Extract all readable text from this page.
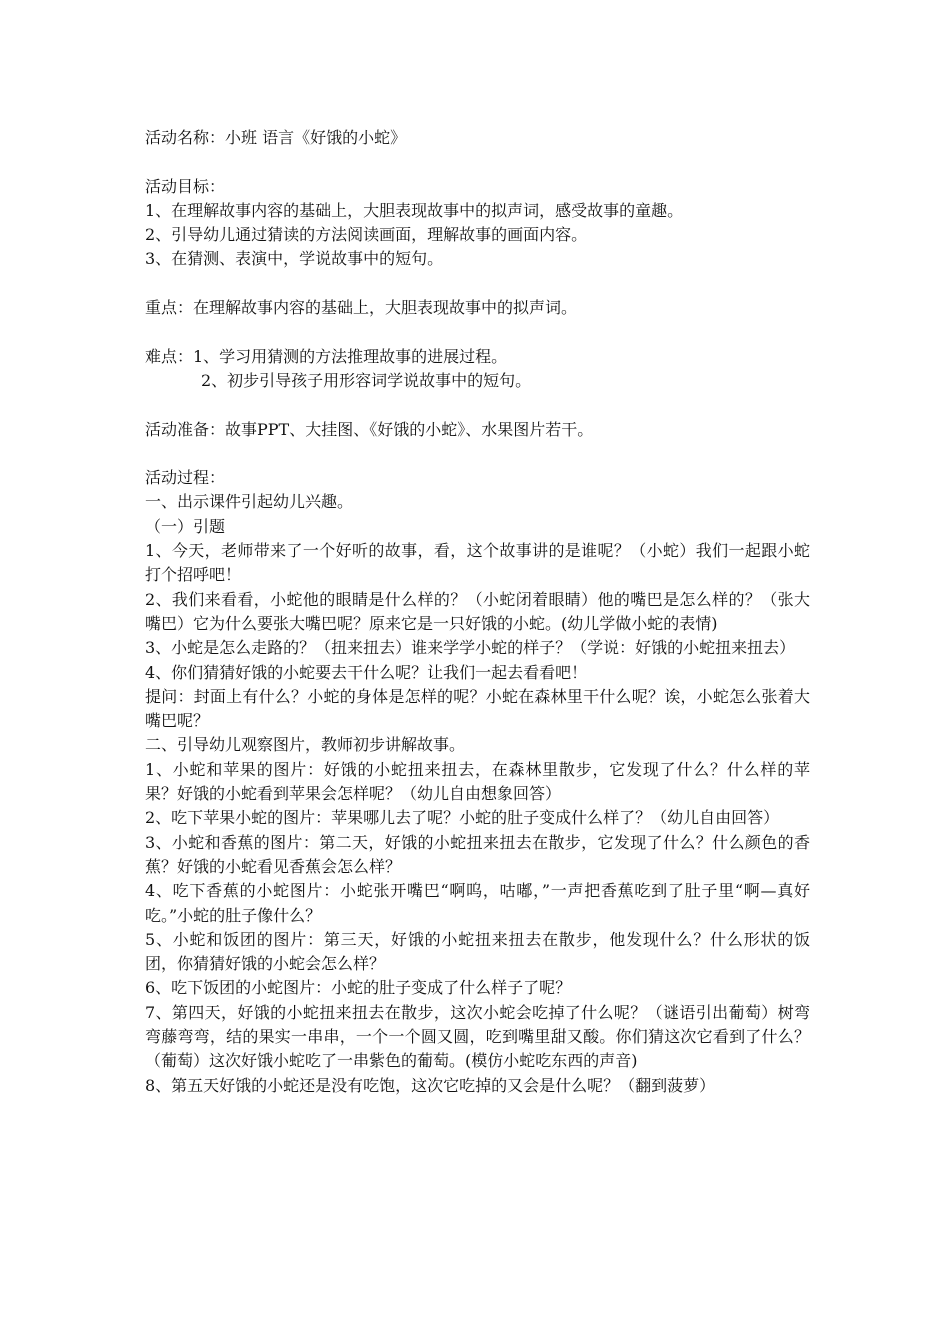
活动名称：小班 语言《好饿的小蛇》

活动目标：

1、在理解故事内容的基础上，大胆表现故事中的拟声词，感受故事的童趣。

2、引导幼儿通过猜读的方法阅读画面，理解故事的画面内容。

3、在猜测、表演中，学说故事中的短句。

重点：在理解故事内容的基础上，大胆表现故事中的拟声词。

难点：1、学习用猜测的方法推理故事的进展过程。

2、初步引导孩子用形容词学说故事中的短句。

活动准备：故事PPT、大挂图、《好饿的小蛇》、水果图片若干。

活动过程：

一、出示课件引起幼儿兴趣。

（一）引题

1、今天，老师带来了一个好听的故事，看，这个故事讲的是谁呢？（小蛇）我们一起跟小蛇打个招呼吧！

2、我们来看看，小蛇他的眼睛是什么样的？（小蛇闭着眼睛）他的嘴巴是怎么样的？（张大嘴巴）它为什么要张大嘴巴呢？原来它是一只好饿的小蛇。(幼儿学做小蛇的表情)

3、小蛇是怎么走路的？（扭来扭去）谁来学学小蛇的样子？（学说：好饿的小蛇扭来扭去）

4、你们猜猜好饿的小蛇要去干什么呢？让我们一起去看看吧！

提问：封面上有什么？小蛇的身体是怎样的呢？小蛇在森林里干什么呢？诶，小蛇怎么张着大嘴巴呢？

二、引导幼儿观察图片，教师初步讲解故事。

1、小蛇和苹果的图片：好饿的小蛇扭来扭去，在森林里散步，它发现了什么？什么样的苹果？好饿的小蛇看到苹果会怎样呢？（幼儿自由想象回答）

2、吃下苹果小蛇的图片：苹果哪儿去了呢？小蛇的肚子变成什么样了？（幼儿自由回答）

3、小蛇和香蕉的图片：第二天，好饿的小蛇扭来扭去在散步，它发现了什么？什么颜色的香蕉？好饿的小蛇看见香蕉会怎么样？

4、吃下香蕉的小蛇图片：小蛇张开嘴巴“啊呜，咕嘟，”一声把香蕉吃到了肚子里“啊—真好吃。”小蛇的肚子像什么？

5、小蛇和饭团的图片：第三天，好饿的小蛇扭来扭去在散步，他发现什么？什么形状的饭团，你猜猜好饿的小蛇会怎么样？

6、吃下饭团的小蛇图片：小蛇的肚子变成了什么样子了呢？

7、第四天，好饿的小蛇扭来扭去在散步，这次小蛇会吃掉了什么呢？（谜语引出葡萄）树弯弯藤弯弯，结的果实一串串，一个一个圆又圆，吃到嘴里甜又酸。你们猜这次它看到了什么？（葡萄）这次好饿小蛇吃了一串紫色的葡萄。(模仿小蛇吃东西的声音)

8、第五天好饿的小蛇还是没有吃饱，这次它吃掉的又会是什么呢？（翻到菠萝）
